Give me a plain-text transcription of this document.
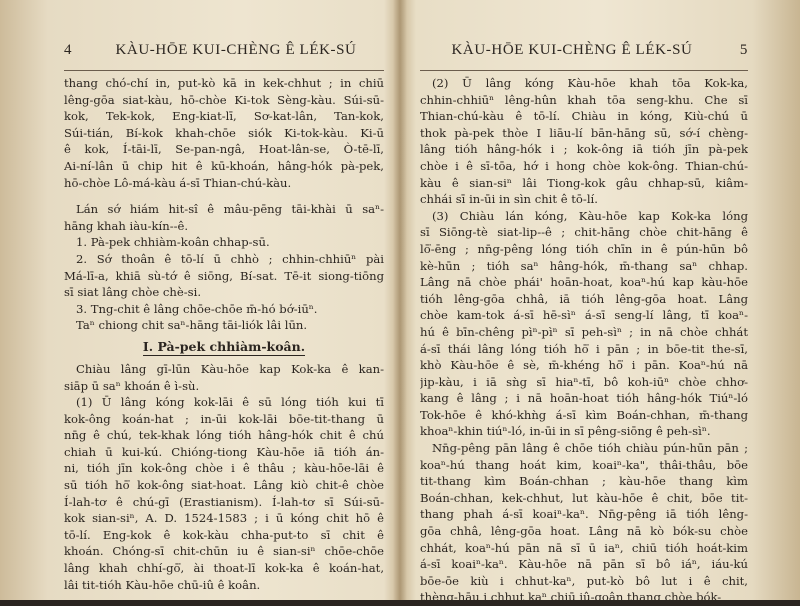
4	KÀU-HŌE KUI-CHÈNG Ê LÉK-SÚ
thang chó-chí in, put-kò kā in kek-chhut ; in chiū
lêng-gōa siat-kàu, hō-chòe Ki-tok Sèng-kàu. Súi-sū-
kok, Tek-kok, Eng-kiat-lī, Sơ-kat-lân, Tan-kok,
Súi-tián, Bí-kok khah-chōe siók Ki-tok-kàu. Ki-ū
ê kok, Í-tāi-lī, Se-pan-ngâ, Hoat-lân-se, Ò-tē-lī,
Ai-ní-lân ū chip hit ê kū-khoán, hâng-hók pà-pek,
hō-chòe Lô-má-kàu á-sī Thian-chú-kàu.
Lán sớ hiám hit-sî ê mâu-pēng tāi-khài ū saⁿ-
hāng khah iàu-kín--ê.
1. Pà-pek chhiàm-koân chhap-sū.
2. Sớ thoân ê tō-lí ū chhò ; chhin-chhiūⁿ pài
Má-lī-a, khiā sù-tớ ê siōng, Bí-sat. Tē-it siong-tiōng
sī siat lâng chòe chè-si.
3. Tng-chit ê lâng chōe-chōe m̄-hó bớ-iūⁿ.
Taⁿ chiong chit saⁿ-hāng tāi-liók lâi lūn.
I. Pà-pek chhiàm-koân.
Chiàu lâng gī-lūn Kàu-hōe kap Kok-ka ê kan-
siāp ū saⁿ khoán ê ì-sù.
(1) Ū lâng kóng kok-lāi ê sū lóng tióh kui tī
kok-ông koán-hat ; in-ūi kok-lāi bōe-tit-thang ū
nn̄g ê chú, tek-khak lóng tióh hâng-hók chit ê chú
chiah ū kui-kú. Chióng-tiong Kàu-hōe iā tióh án-
ni, tióh jīn kok-ông chòe i ê thâu ; kàu-hōe-lāi ê
sū tióh hō͘ kok-ông siat-hoat. Lâng kiò chit-ê chòe
Í-lah-tơ ê chú-gī (Erastianism). Í-lah-tơ sī Súi-sū-
kok sian-siⁿ, A. D. 1524-1583 ; i ū kóng chit hō ê
tō-lí. Eng-kok ê kok-kàu chha-put-to sī chit ê
khoán. Chóng-sī chit-chūn iu ê sian-siⁿ chōe-chōe
lâng khah chhí-gō͘, ài thoat-lī kok-ka ê koán-hat,
lâi tit-tióh Kàu-hōe chū-iû ê koân.
KÀU-HŌE KUI-CHÈNG Ê LÉK-SÚ	5
(2) Ū lâng kóng Kàu-hōe khah tōa Kok-ka,
chhin-chhiūⁿ lêng-hûn khah tōa seng-khu. Che sī
Thian-chú-kàu ê tō-lí. Chiàu in kóng, Kiù-chú ū
thok pà-pek thòe I liāu-lí bān-hāng sū, sớ-í chèng-
lâng tióh hâng-hók i ; kok-ông iā tióh jīn pà-pek
chòe i ê sī-tōa, hớ i hong chòe kok-ông. Thian-chú-
kàu ê sian-siⁿ lâi Tiong-kok gâu chhap-sū, kiâm-
chhái sī in-ūi in sìn chit ê tō-lí.
(3) Chiàu lán kóng, Kàu-hōe kap Kok-ka lóng
sī Siōng-tè siat-lip--ê ; chit-hāng chòe chit-hāng ê
lō͘-ēng ; nn̄g-pêng lóng tióh chīn in ê pún-hūn bô
kè-hūn ; tióh saⁿ hâng-hók, m̄-thang saⁿ chhap.
Lâng nā chòe phái' hoān-hoat, koaⁿ-hú kap kàu-hōe
tióh lêng-gōa chhâ, iā tióh lêng-gōa hoat. Lâng
chòe kam-tok á-sī hē-sìⁿ á-sī seng-lí lâng, tī koaⁿ-
hú ê bīn-chêng pìⁿ-pìⁿ sī peh-sìⁿ ; in nā chòe chhát
á-sī thái lâng lóng tióh hō͘ i pān ; in bōe-tit the-sī,
khò Kàu-hōe ê sè, m̄-khéng hō͘ i pān. Koaⁿ-hú nā
jip-kàu, i iā sǹg sī hiaⁿ-tī, bô koh-iūⁿ chòe chhơ-
kang ê lâng ; i nā hoān-hoat tióh hâng-hók Tiúⁿ-ló
Tok-hōe ê khó-khǹg á-sī kìm Boán-chhan, m̄-thang
khoaⁿ-khin tiúⁿ-ló, in-ūi in sī pêng-siōng ê peh-sìⁿ.
Nn̄g-pêng pān lâng ê chōe tióh chiàu pún-hūn pān ;
koaⁿ-hú thang hoát kim, koaiⁿ-ka", thâi-thâu, bōe
tit-thang kìm Boán-chhan ; kàu-hōe thang kìm
Boán-chhan, kek-chhut, lut kàu-hōe ê chit, bōe tit-
thang phah á-sī koaiⁿ-kaⁿ. Nn̄g-pêng iā tióh lêng-
gōa chhâ, lêng-gōa hoat. Lâng nā kò bók-su chòe
chhát, koaⁿ-hú pān nā sī ū iaⁿ, chiū tióh hoát-kim
á-sī koaiⁿ-kaⁿ. Kàu-hōe nā pān sī bô iáⁿ, iáu-kú
bōe-ōe kiù i chhut-kaⁿ, put-kò bô lut i ê chit,
thèng-hāu i chhut kaⁿ chiū iû-goân thang chòe bók-
